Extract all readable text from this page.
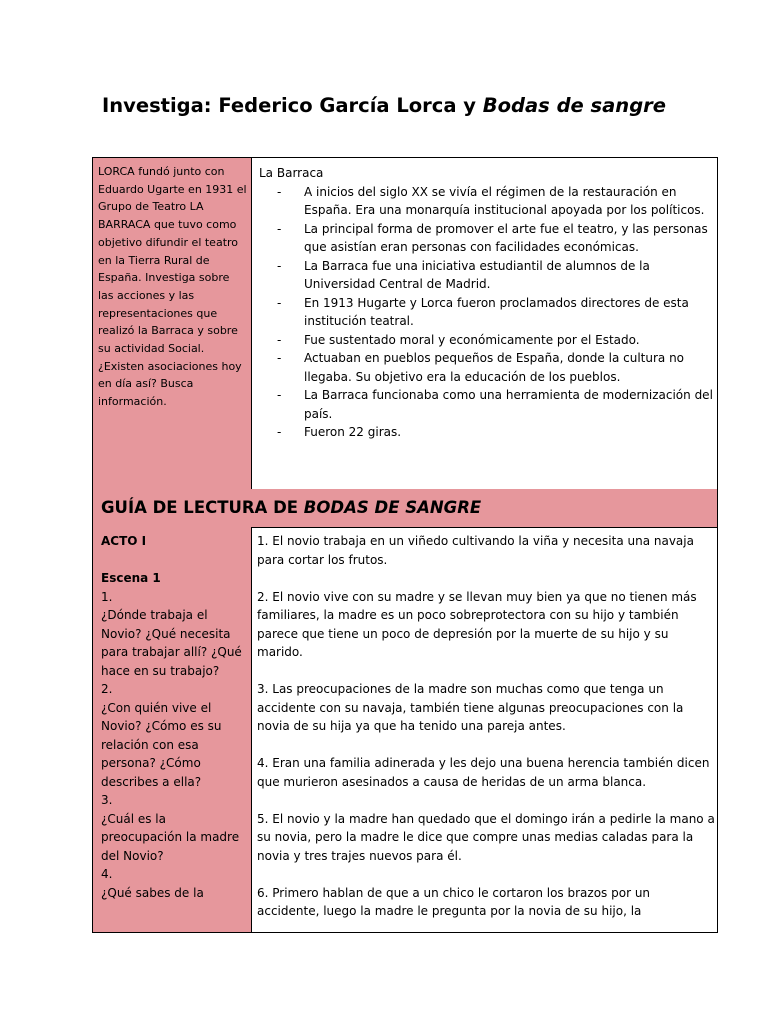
Investiga: Federico García Lorca y Bodas de sangre
LORCA fundó junto con Eduardo Ugarte en 1931 el Grupo de Teatro LA BARRACA que tuvo como objetivo difundir el teatro en la Tierra Rural de España. Investiga sobre las acciones y las representaciones que realizó la Barraca y sobre su actividad Social. ¿Existen asociaciones hoy en día así? Busca información.
La Barraca
- A inicios del siglo XX se vivía el régimen de la restauración en España. Era una monarquía institucional apoyada por los políticos.
- La principal forma de promover el arte fue el teatro, y las personas que asistían eran personas con facilidades económicas.
- La Barraca fue una iniciativa estudiantil de alumnos de la Universidad Central de Madrid.
- En 1913 Hugarte y Lorca fueron proclamados directores de esta institución teatral.
- Fue sustentado moral y económicamente por el Estado.
- Actuaban en pueblos pequeños de España, donde la cultura no llegaba. Su objetivo era la educación de los pueblos.
- La Barraca funcionaba como una herramienta de modernización del país.
- Fueron 22 giras.
GUÍA DE LECTURA DE BODAS DE SANGRE
ACTO I
Escena 1
1.
¿Dónde trabaja el Novio? ¿Qué necesita para trabajar allí? ¿Qué hace en su trabajo?
2.
¿Con quién vive el Novio? ¿Cómo es su relación con esa persona? ¿Cómo describes a ella?
3.
¿Cuál es la preocupación la madre del Novio?
4.
¿Qué sabes de la

1. El novio trabaja en un viñedo cultivando la viña y necesita una navaja para cortar los frutos.

2. El novio vive con su madre y se llevan muy bien ya que no tienen más familiares, la madre es un poco sobreprotectora con su hijo y también parece que tiene un poco de depresión por la muerte de su hijo y su marido.

3. Las preocupaciones de la madre son muchas como que tenga un accidente con su navaja, también tiene algunas preocupaciones con la novia de su hija ya que ha tenido una pareja antes.

4. Eran una familia adinerada y les dejo una buena herencia también dicen que murieron asesinados a causa de heridas de un arma blanca.

5. El novio y la madre han quedado que el domingo irán a pedirle la mano a su novia, pero la madre le dice que compre unas medias caladas para la novia y tres trajes nuevos para él.

6. Primero hablan de que a un chico le cortaron los brazos por un accidente, luego la madre le pregunta por la novia de su hijo, la
